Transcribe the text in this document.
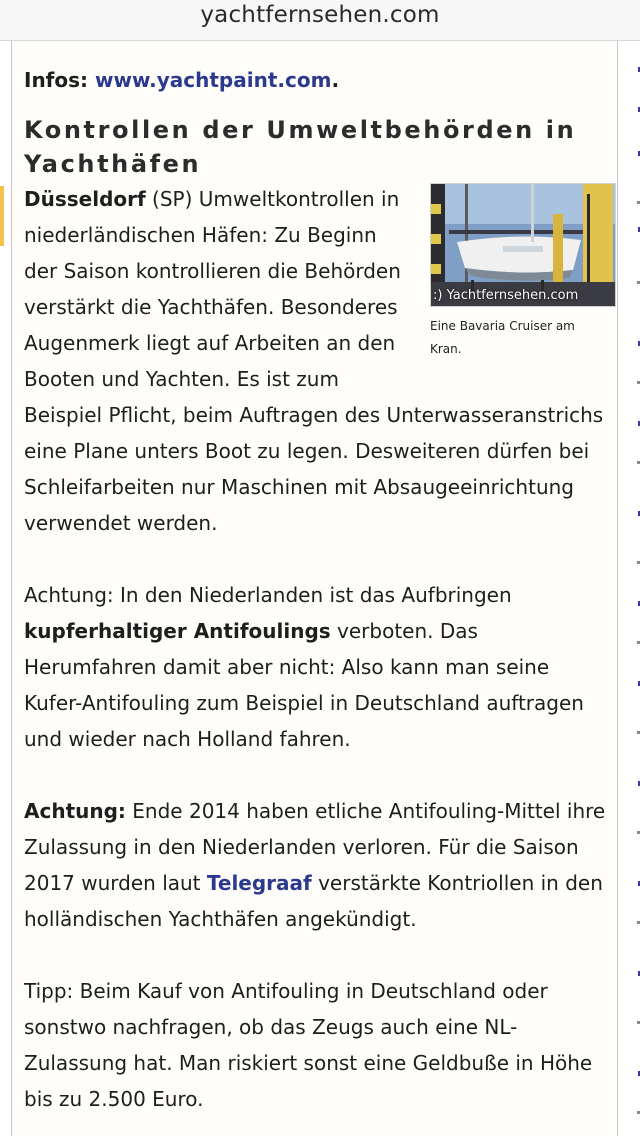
yachtfernsehen.com
Infos: www.yachtpaint.com.
Kontrollen der Umweltbehörden in Yachthäfen
:) Yachtfernsehen.com
Eine Bavaria Cruiser am Kran.

Düsseldorf (SP) Umweltkontrollen in niederländischen Häfen: Zu Beginn der Saison kontrollieren die Behörden verstärkt die Yachthäfen. Besonderes Augenmerk liegt auf Arbeiten an den Booten und Yachten. Es ist zum Beispiel Pflicht, beim Auftragen des Unterwasseranstrichs eine Plane unters Boot zu legen. Desweiteren dürfen bei Schleifarbeiten nur Maschinen mit Absaugeeinrichtung verwendet werden.

Achtung: In den Niederlanden ist das Aufbringen kupferhaltiger Antifoulings verboten. Das Herumfahren damit aber nicht: Also kann man seine Kufer-Antifouling zum Beispiel in Deutschland auftragen und wieder nach Holland fahren.

Achtung: Ende 2014 haben etliche Antifouling-Mittel ihre Zulassung in den Niederlanden verloren. Für die Saison 2017 wurden laut Telegraaf verstärkte Kontriollen in den holländischen Yachthäfen angekündigt.

Tipp: Beim Kauf von Antifouling in Deutschland oder sonstwo nachfragen, ob das Zeugs auch eine NL-Zulassung hat. Man riskiert sonst eine Geldbuße in Höhe bis zu 2.500 Euro.
